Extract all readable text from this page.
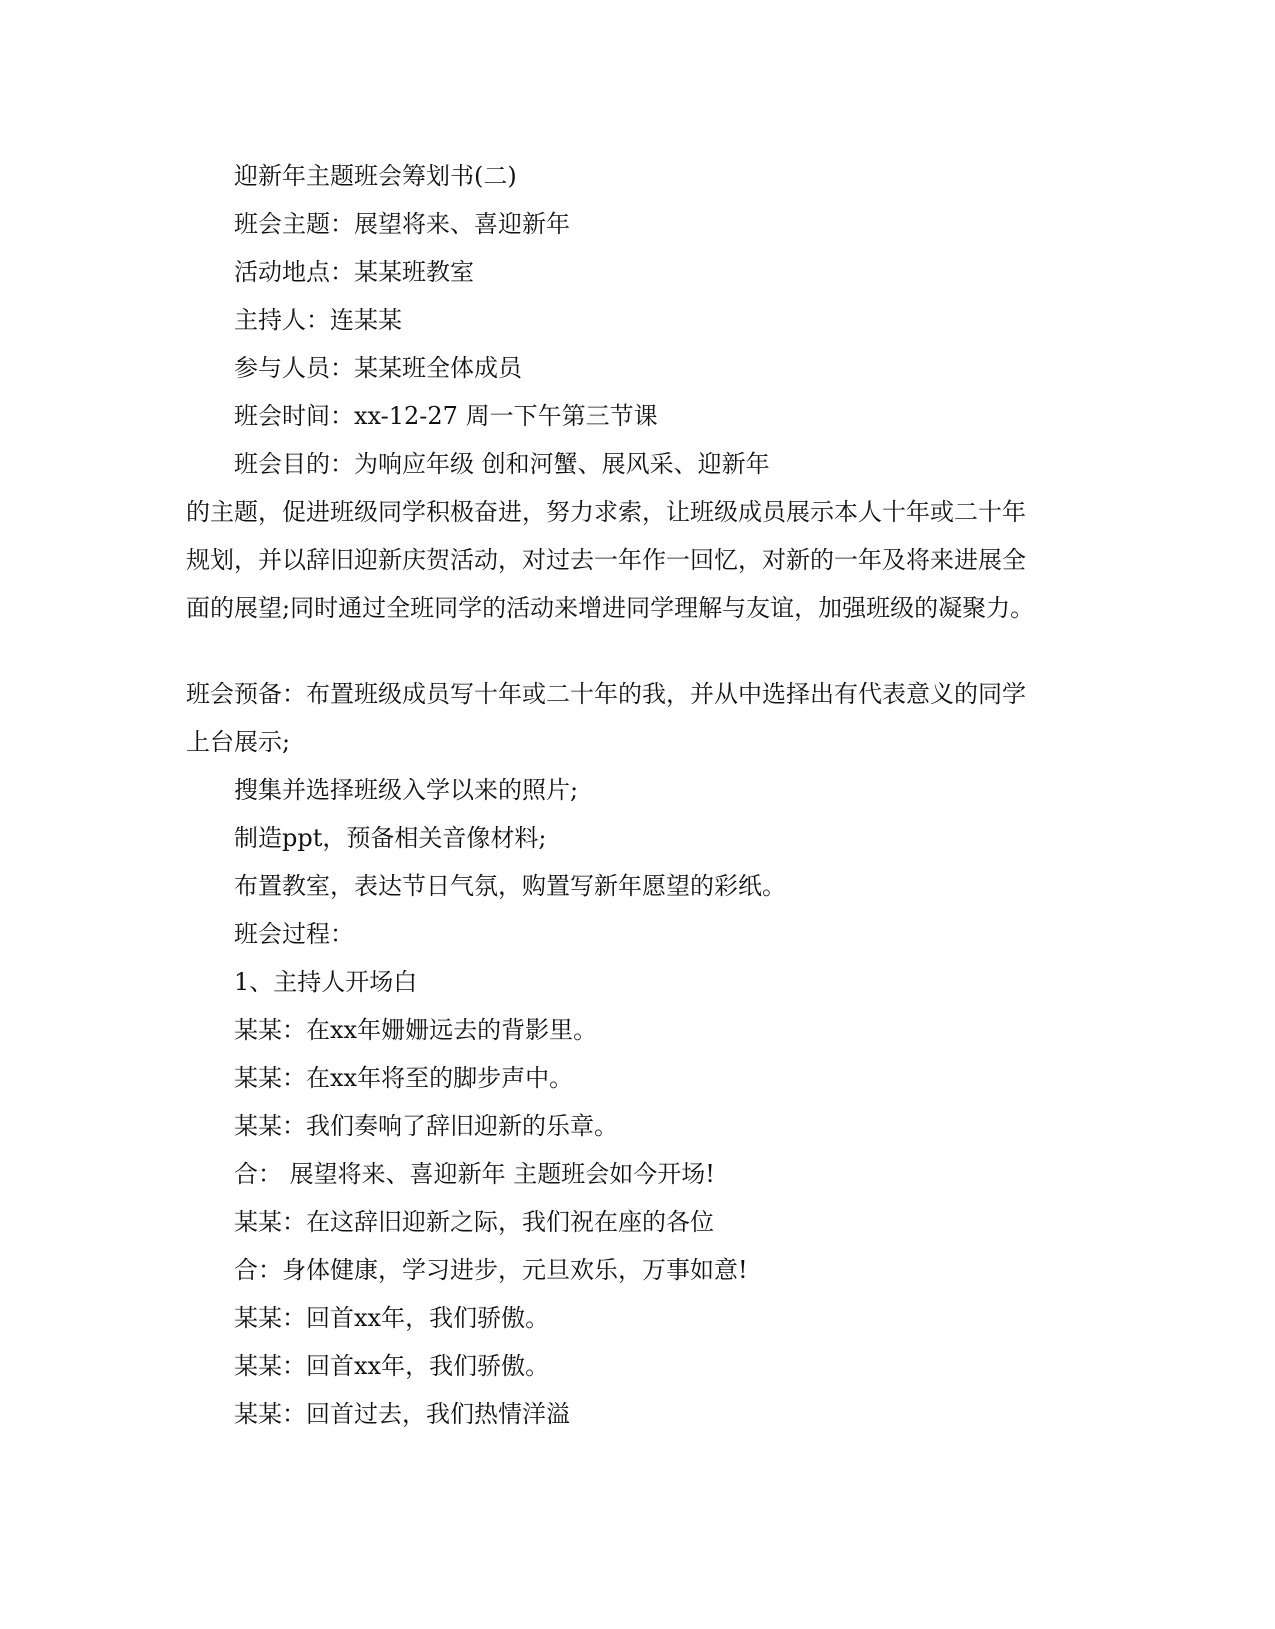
迎新年主题班会筹划书(二)

班会主题：展望将来、喜迎新年

活动地点：某某班教室

主持人：连某某

参与人员：某某班全体成员

班会时间：xx-12-27 周一下午第三节课

班会目的：为响应年级 创和河蟹、展风采、迎新年

的主题，促进班级同学积极奋进，努力求索，让班级成员展示本人十年或二十年

规划，并以辞旧迎新庆贺活动，对过去一年作一回忆，对新的一年及将来进展全

面的展望;同时通过全班同学的活动来增进同学理解与友谊，加强班级的凝聚力。

班会预备：布置班级成员写十年或二十年的我，并从中选择出有代表意义的同学

上台展示;

搜集并选择班级入学以来的照片;

制造ppt，预备相关音像材料;

布置教室，表达节日气氛，购置写新年愿望的彩纸。

班会过程：

1、主持人开场白

某某：在xx年姗姗远去的背影里。

某某：在xx年将至的脚步声中。

某某：我们奏响了辞旧迎新的乐章。

合： 展望将来、喜迎新年 主题班会如今开场!

某某：在这辞旧迎新之际，我们祝在座的各位

合：身体健康，学习进步，元旦欢乐，万事如意!

某某：回首xx年，我们骄傲。

某某：回首xx年，我们骄傲。

某某：回首过去，我们热情洋溢
